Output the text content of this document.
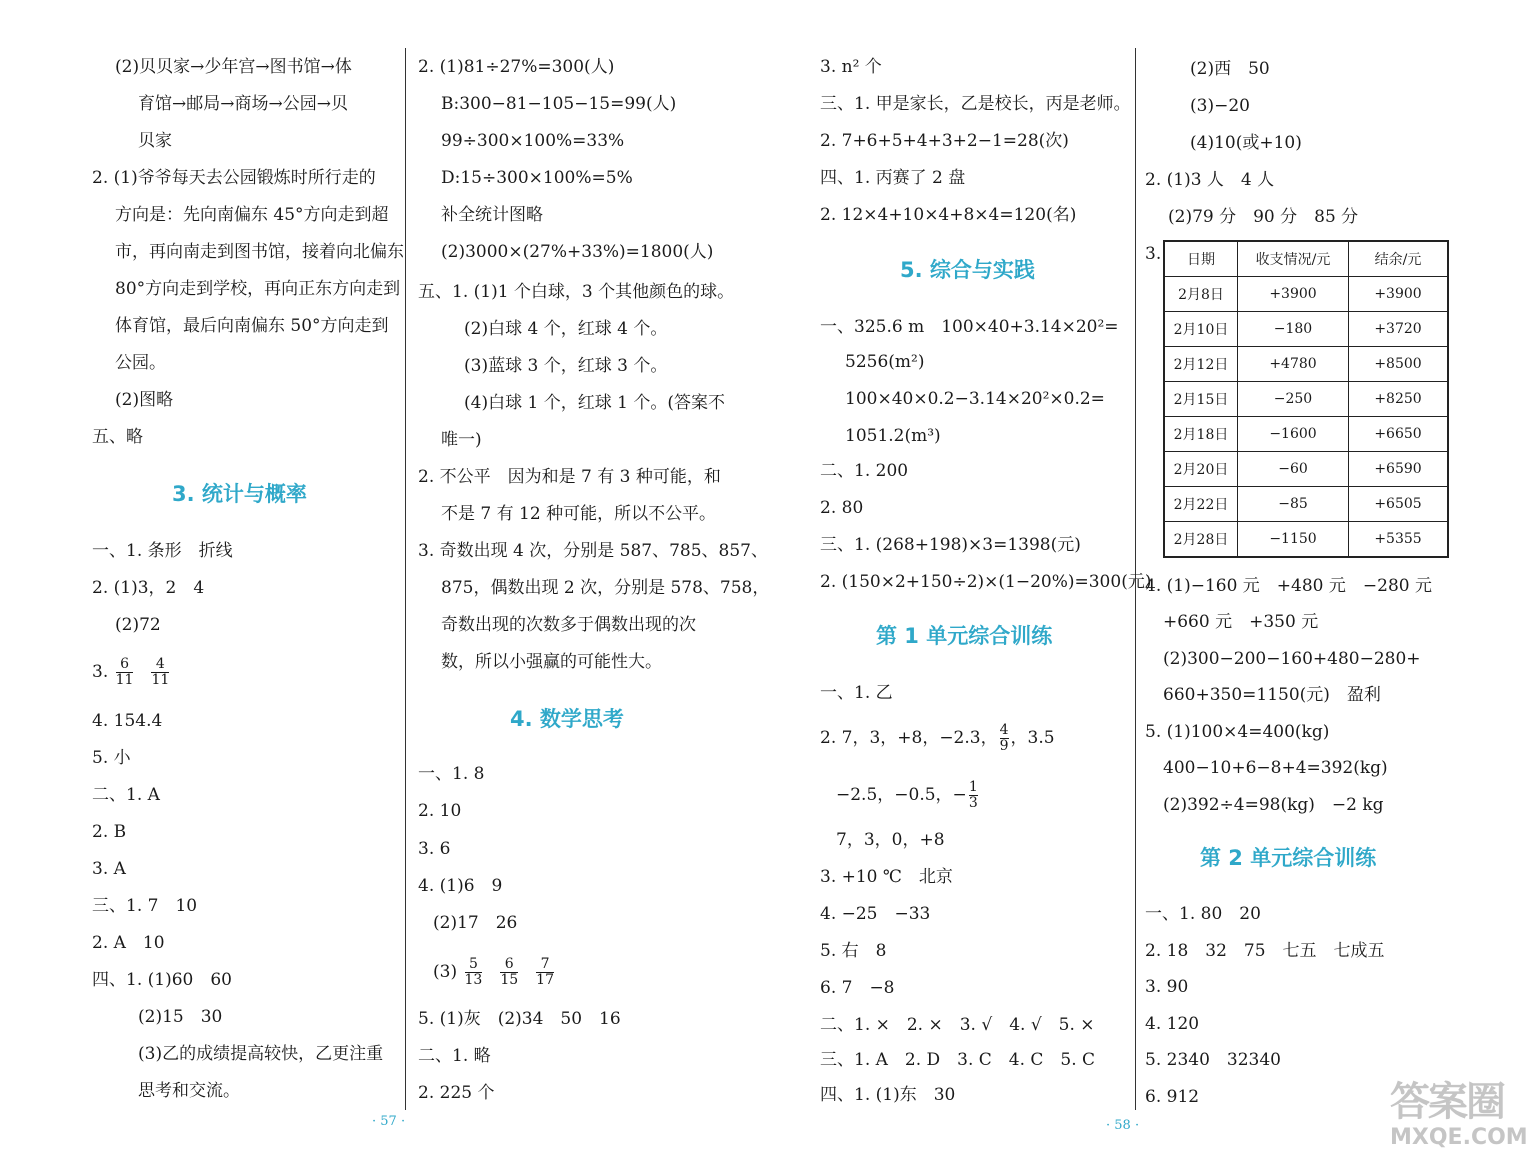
(2)贝贝家→少年宫→图书馆→体
育馆→邮局→商场→公园→贝
贝家
2. (1)爷爷每天去公园锻炼时所行走的
方向是：先向南偏东 45°方向走到超
市，再向南走到图书馆，接着向北偏东
80°方向走到学校，再向正东方向走到
体育馆，最后向南偏东 50°方向走到
公园。
(2)图略
五、略
3. 统计与概率
一、1. 条形　折线
2. (1)3，2　4
(2)72
3. $\frac{6}{11} \frac{4}{11}$
4. 154.4
5. 小
二、1. A
2. B
3. A
三、1. 7　10
2. A　10
四、1. (1)60　60
(2)15　30
(3)乙的成绩提高较快，乙更注重
思考和交流。
2. (1)81÷27%=300(人)
B:300−81−105−15=99(人)
99÷300×100%=33%
D:15÷300×100%=5%
补全统计图略
(2)3000×(27%+33%)=1800(人)
五、1. (1)1 个白球，3 个其他颜色的球。
(2)白球 4 个，红球 4 个。
(3)蓝球 3 个，红球 3 个。
(4)白球 1 个，红球 1 个。(答案不
唯一)
2. 不公平　因为和是 7 有 3 种可能，和
不是 7 有 12 种可能，所以不公平。
3. 奇数出现 4 次，分别是 587、785、857、
875，偶数出现 2 次，分别是 578、758，
奇数出现的次数多于偶数出现的次
数，所以小强赢的可能性大。
4. 数学思考
一、1. 8
2. 10
3. 6
4. (1)6　9
(2)17　26
$(3) \frac{5}{13} \frac{6}{15} \frac{7}{17}$
5. (1)灰　(2)34　50　16
二、1. 略
2. 225 个
· 57 ·
3. n² 个
三、1. 甲是家长，乙是校长，丙是老师。
2. 7+6+5+4+3+2−1=28(次)
四、1. 丙赛了 2 盘
2. 12×4+10×4+8×4=120(名)
5. 综合与实践
一、325.6 m　100×40+3.14×20²=
5256(m²)
100×40×0.2−3.14×20²×0.2=
1051.2(m³)
二、1. 200
2. 80
三、1. (268+198)×3=1398(元)
2. (150×2+150÷2)×(1−20%)=300(元)
第 1 单元综合训练
一、1. 乙
2. 7，3，+8，−2.3， $\frac{4}{9}$ ，3.5
−2.5，−0.5，− $\frac{1}{3}$
7，3，0，+8
3. +10 ℃　北京
4. −25　−33
5. 右　8
6. 7　−8
二、1. ×　2. ×　3. √　4. √　5. ×
三、1. A　2. D　3. C　4. C　5. C
四、1. (1)东　30
· 58 ·
(2)西　50
(3)−20
(4)10(或+10)
2. (1)3 人　4 人
(2)79 分　90 分　85 分
3. 日期	收支情况/元	结余/元
2月8日	+3900	+3900
2月10日	−180	+3720
2月12日	+4780	+8500
2月15日	−250	+8250
2月18日	−1600	+6650
2月20日	−60	+6590
2月22日	−85	+6505
2月28日	−1150	+5355
4. (1)−160 元　+480 元　−280 元
+660 元　+350 元
(2)300−200−160+480−280+
660+350=1150(元)　盈利
5. (1)100×4=400(kg)
400−10+6−8+4=392(kg)
(2)392÷4=98(kg)　−2 kg
第 2 单元综合训练
一、1. 80　20
2. 18　32　75　七五　七成五
3. 90
4. 120
5. 2340　32340
6. 912	答案圈
MXQE.COM
